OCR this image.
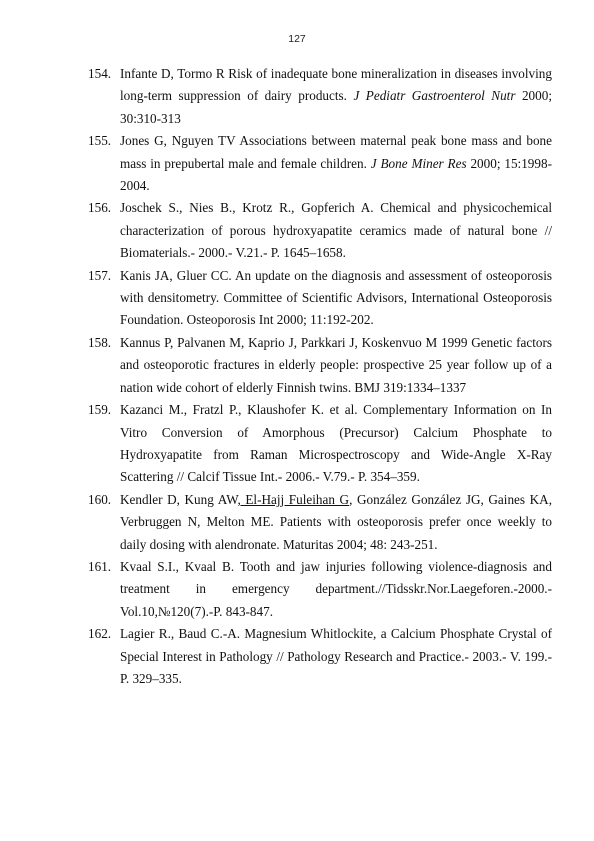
127
154. Infante D, Tormo R Risk of inadequate bone mineralization in diseases involving long-term suppression of dairy products. J Pediatr Gastroenterol Nutr 2000; 30:310-313
155. Jones G, Nguyen TV Associations between maternal peak bone mass and bone mass in prepubertal male and female children. J Bone Miner Res 2000; 15:1998-2004.
156. Joschek S., Nies B., Krotz R., Gopferich A. Chemical and physicochemical characterization of porous hydroxyapatite ceramics made of natural bone // Biomaterials.- 2000.- V.21.- P. 1645–1658.
157. Kanis JA, Gluer CC. An update on the diagnosis and assessment of osteoporosis with densitometry. Committee of Scientific Advisors, International Osteoporosis Foundation. Osteoporosis Int 2000; 11:192-202.
158. Kannus P, Palvanen M, Kaprio J, Parkkari J, Koskenvuo M 1999 Genetic factors and osteoporotic fractures in elderly people: prospective 25 year follow up of a nation wide cohort of elderly Finnish twins. BMJ 319:1334–1337
159. Kazanci M., Fratzl P., Klaushofer K. et al. Complementary Information on In Vitro Conversion of Amorphous (Precursor) Calcium Phosphate to Hydroxyapatite from Raman Microspectroscopy and Wide-Angle X-Ray Scattering // Calcif Tissue Int.- 2006.- V.79.- P. 354–359.
160. Kendler D, Kung AW, El-Hajj Fuleihan G, González González JG, Gaines KA, Verbruggen N, Melton ME. Patients with osteoporosis prefer once weekly to daily dosing with alendronate. Maturitas 2004; 48: 243-251.
161. Kvaal S.I., Kvaal B. Tooth and jaw injuries following violence-diagnosis and treatment in emergency department.//Tidsskr.Nor.Laegeforen.-2000.-Vol.10,№120(7).-P. 843-847.
162. Lagier R., Baud C.-A. Magnesium Whitlockite, a Calcium Phosphate Crystal of Special Interest in Pathology // Pathology Research and Practice.- 2003.- V. 199.- P. 329–335.
